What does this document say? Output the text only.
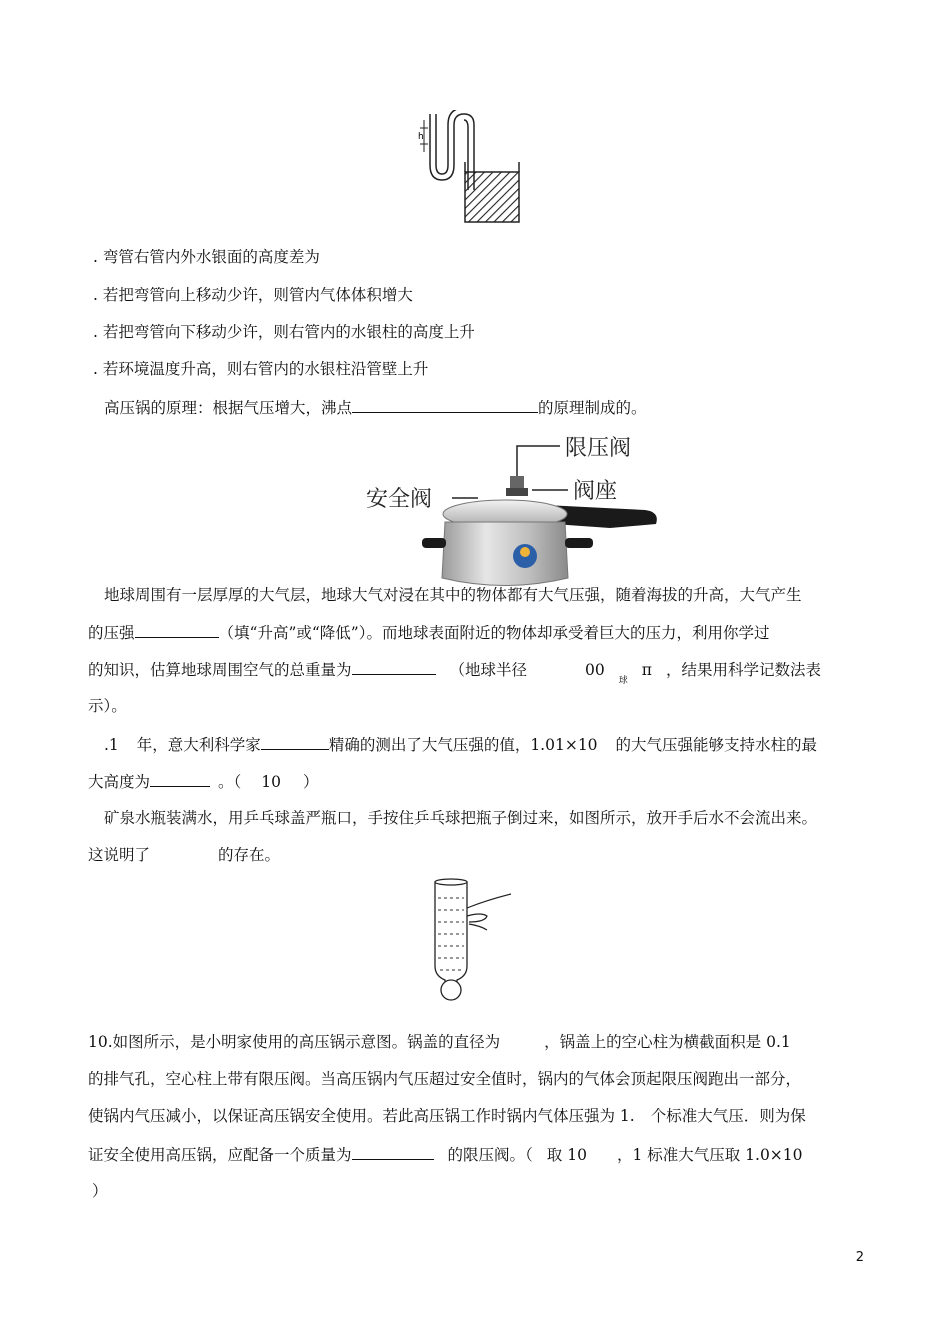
h
. 弯管右管内外水银面的高度差为
. 若把弯管向上移动少许，则管内气体体积增大
. 若把弯管向下移动少许，则右管内的水银柱的高度上升
. 若环境温度升高，则右管内的水银柱沿管壁上升
高压锅的原理：根据气压增大，沸点	的原理制成的。
限压阀
阀座
安全阀
地球周围有一层厚厚的大气层，地球大气对浸在其中的物体都有大气压强，随着海拔的升高，大气产生
的压强	（填“升高”或“降低”）。而地球表面附近的物体却承受着巨大的压力，利用你学过
的知识，估算地球周围空气的总重量为	（地球半径	$00_球\pi$ ，结果用科学记数法表
示）。
.1 年，意大利科学家	精确的测出了大气压强的值，1.01×10 的大气压强能够支持水柱的最
大高度为	。（ 10 ）
矿泉水瓶装满水，用乒乓球盖严瓶口，手按住乒乓球把瓶子倒过来，如图所示，放开手后水不会流出来。
这说明了	的存在。
10.如图所示，是小明家使用的高压锅示意图。锅盖的直径为	，锅盖上的空心柱为横截面积是 0.1
的排气孔，空心柱上带有限压阀。当高压锅内气压超过安全值时，锅内的气体会顶起限压阀跑出一部分，
使锅内气压减小，以保证高压锅安全使用。若此高压锅工作时锅内气体压强为 1. 个标准大气压．则为保
证安全使用高压锅，应配备一个质量为	的限压阀。（ 取 10 ，1 标准大气压取 1.0×10
）
2
